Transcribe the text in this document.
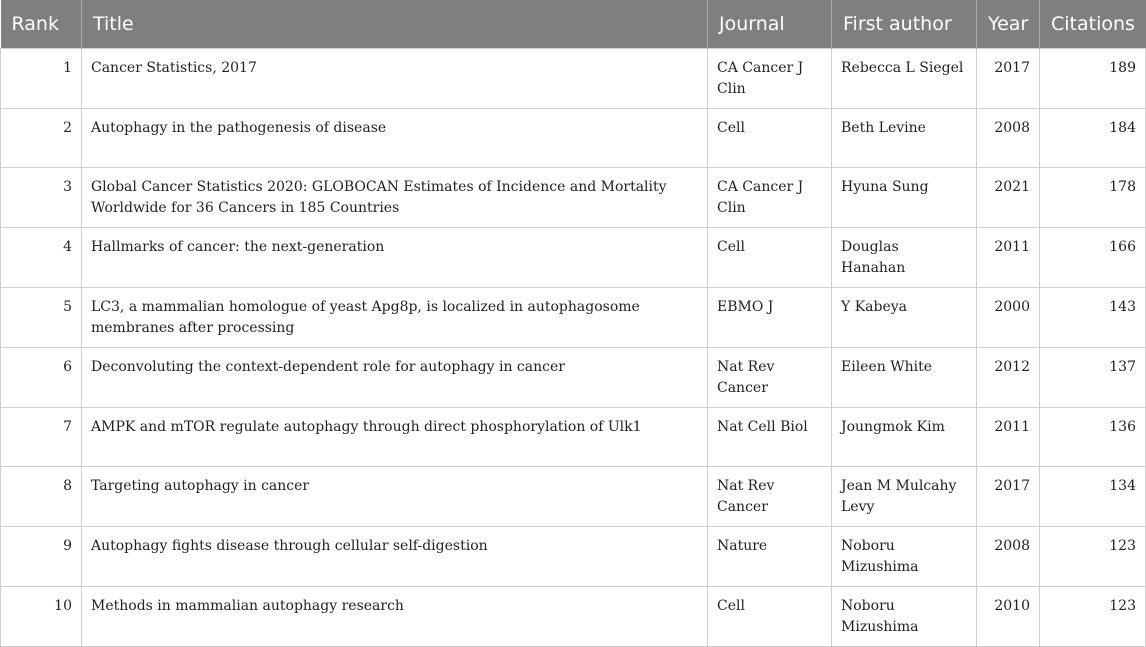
Rank	Title	Journal	First author	Year	Citations
1	Cancer Statistics, 2017	CA Cancer J Clin	Rebecca L Siegel	2017	189
2	Autophagy in the pathogenesis of disease	Cell	Beth Levine	2008	184
3	Global Cancer Statistics 2020: GLOBOCAN Estimates of Incidence and Mortality Worldwide for 36 Cancers in 185 Countries	CA Cancer J Clin	Hyuna Sung	2021	178
4	Hallmarks of cancer: the next-generation	Cell	Douglas Hanahan	2011	166
5	LC3, a mammalian homologue of yeast Apg8p, is localized in autophagosome membranes after processing	EBMO J	Y Kabeya	2000	143
6	Deconvoluting the context-dependent role for autophagy in cancer	Nat Rev Cancer	Eileen White	2012	137
7	AMPK and mTOR regulate autophagy through direct phosphorylation of Ulk1	Nat Cell Biol	Joungmok Kim	2011	136
8	Targeting autophagy in cancer	Nat Rev Cancer	Jean M Mulcahy Levy	2017	134
9	Autophagy fights disease through cellular self-digestion	Nature	Noboru Mizushima	2008	123
10	Methods in mammalian autophagy research	Cell	Noboru Mizushima	2010	123
